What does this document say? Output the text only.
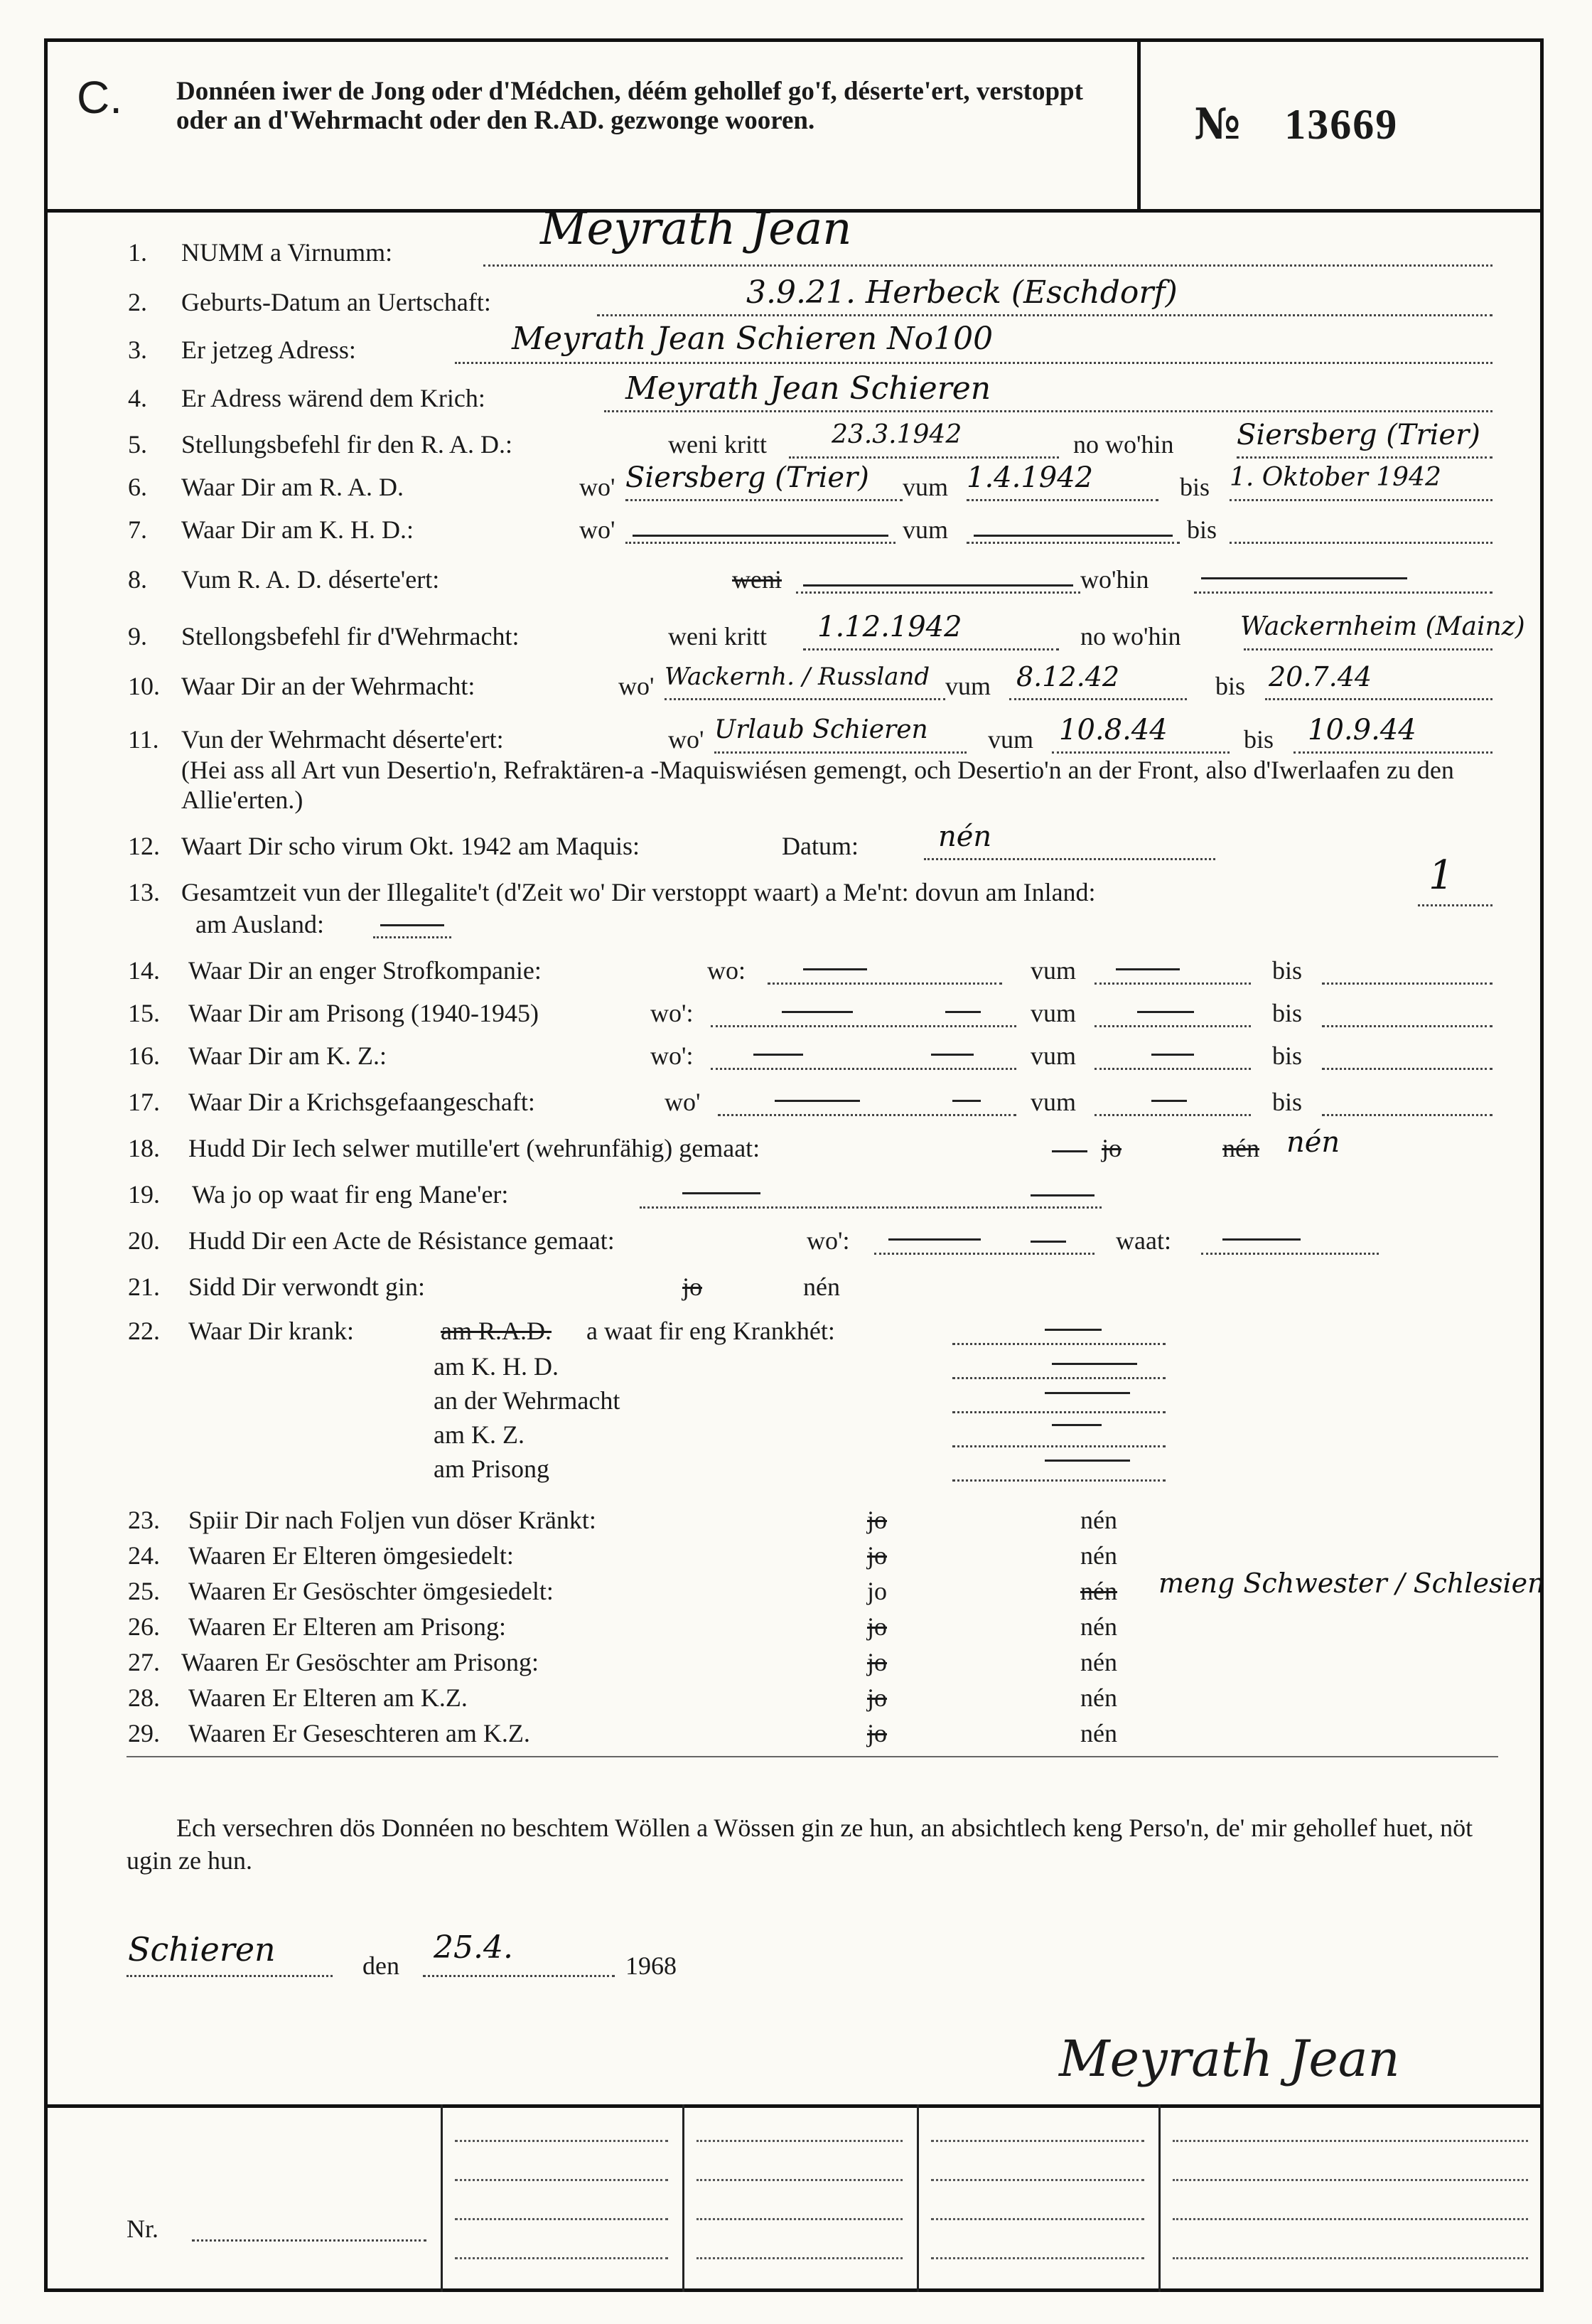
C. Donnéen iwer de Jong oder d'Médchen, déém gehollef go'f, déserte'ert, verstoppt oder an d'Wehrmacht oder den R.AD. gezwonge wooren.	№ 13669
1. NUMM a Virnumm:	Meyrath Jean
2. Geburts-Datum an Uertschaft:	3.9.21. Herbeck (Eschdorf)
3. Er jetzeg Adress:	Meyrath Jean Schieren No100
4. Er Adress wärend dem Krich:	Meyrath Jean Schieren
5. Stellungsbefehl fir den R. A. D.:	weni kritt	23.3.1942	no wo'hin Siersberg (Trier)
6. Waar Dir am R. A. D.	wo' Siersberg (Trier) vum 1.4.1942	bis 1. Oktober 1942
7. Waar Dir am K. H. D.:	wo'	vum	bis
8. Vum R. A. D. déserte'ert:	weni	wo'hin
9. Stellongsbefehl fir d'Wehrmacht:	weni kritt 1.12.1942	no wo'hin Wackernheim (Mainz)
10. Waar Dir an der Wehrmacht:	wo' Wackernh. / Russland vum 8.12.42	bis 20.7.44
11. Vun der Wehrmacht déserte'ert:	wo' Urlaub Schieren vum 10.8.44	bis 10.9.44
(Hei ass all Art vun Desertio'n, Refraktären-a -Maquiswiésen gemengt, och Desertio'n an der Front, also d'Iwerlaafen zu den Allie'erten.)
12. Waart Dir scho virum Okt. 1942 am Maquis:	Datum:	nén
13. Gesamtzeit vun der Illegalite't (d'Zeit wo' Dir verstoppt waart) a Me'nt: dovun am Inland:	1
am Ausland:
14. Waar Dir an enger Strofkompanie:	wo:	vum	bis
15. Waar Dir am Prisong (1940-1945)	wo':	vum	bis
16. Waar Dir am K. Z.:	wo':	vum	bis
17. Waar Dir a Krichsgefaangeschaft:	wo'	vum	bis
18. Hudd Dir Iech selwer mutille'ert (wehrunfähig) gemaat:	jo	nén nén
19. Wa jo op waat fir eng Mane'er:
20. Hudd Dir een Acte de Résistance gemaat:	wo':	waat:
21. Sidd Dir verwondt gin:	jo	nén
22. Waar Dir krank:	am R.A.D. a waat fir eng Krankhét:
am K. H. D.
an der Wehrmacht
am K. Z.
am Prisong
23. Spiir Dir nach Foljen vun döser Kränkt:	jo	nén
24. Waaren Er Elteren ömgesiedelt:	jo	nén
25. Waaren Er Gesöschter ömgesiedelt:	jo	nén meng Schwester / Schlesien
26. Waaren Er Elteren am Prisong:	jo	nén
27. Waaren Er Gesöschter am Prisong:	jo	nén
28. Waaren Er Elteren am K.Z.	jo	nén
29. Waaren Er Geseschteren am K.Z.	jo	nén
Ech versechren dös Donnéen no beschtem Wöllen a Wössen gin ze hun, an absichtlech keng Perso'n, de' mir gehollef huet, nöt ugin ze hun.
Schieren	den 25.4.	1968
Meyrath Jean
Nr.
